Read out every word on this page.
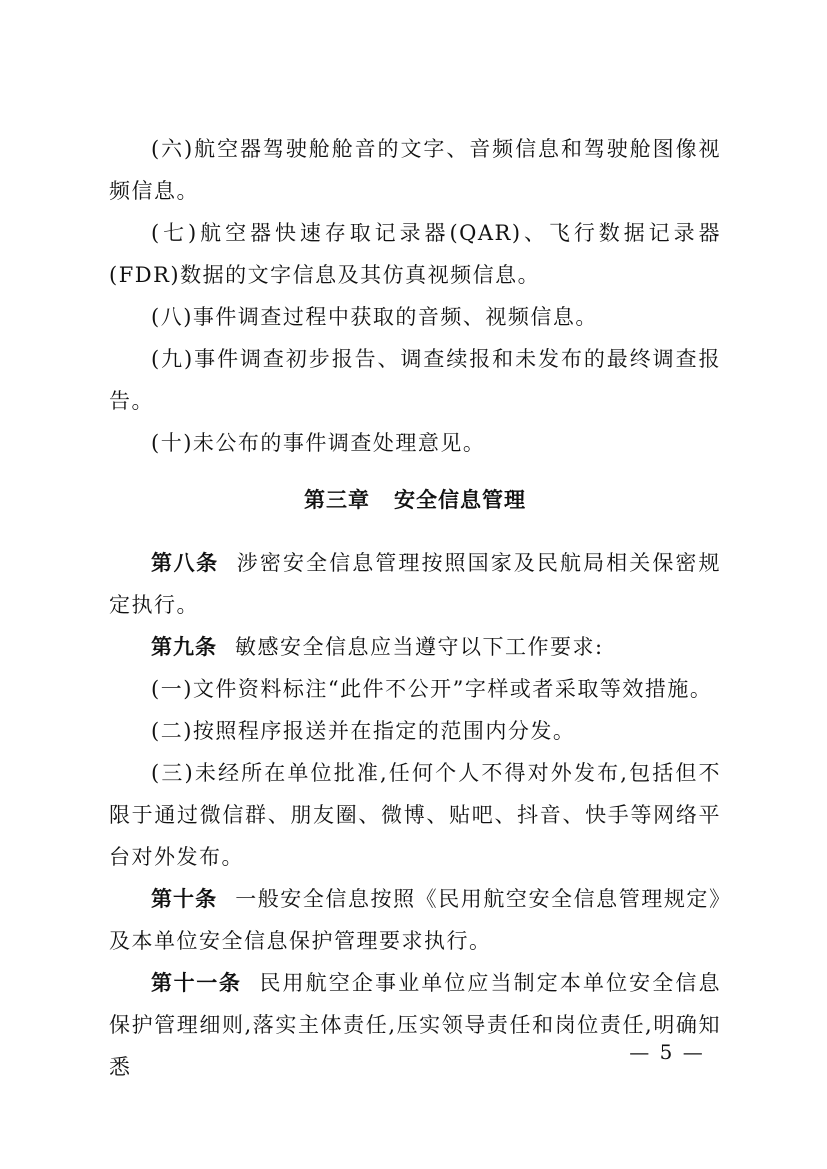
(六)航空器驾驶舱舱音的文字、音频信息和驾驶舱图像视频信息。

(七)航空器快速存取记录器(QAR)、飞行数据记录器(FDR)数据的文字信息及其仿真视频信息。

(八)事件调查过程中获取的音频、视频信息。

(九)事件调查初步报告、调查续报和未发布的最终调查报告。

(十)未公布的事件调查处理意见。

第三章 安全信息管理

第八条 涉密安全信息管理按照国家及民航局相关保密规定执行。

第九条 敏感安全信息应当遵守以下工作要求:

(一)文件资料标注“此件不公开”字样或者采取等效措施。

(二)按照程序报送并在指定的范围内分发。

(三)未经所在单位批准,任何个人不得对外发布,包括但不限于通过微信群、朋友圈、微博、贴吧、抖音、快手等网络平台对外发布。

第十条 一般安全信息按照《民用航空安全信息管理规定》及本单位安全信息保护管理要求执行。

第十一条 民用航空企事业单位应当制定本单位安全信息保护管理细则,落实主体责任,压实领导责任和岗位责任,明确知悉

— 5 —
